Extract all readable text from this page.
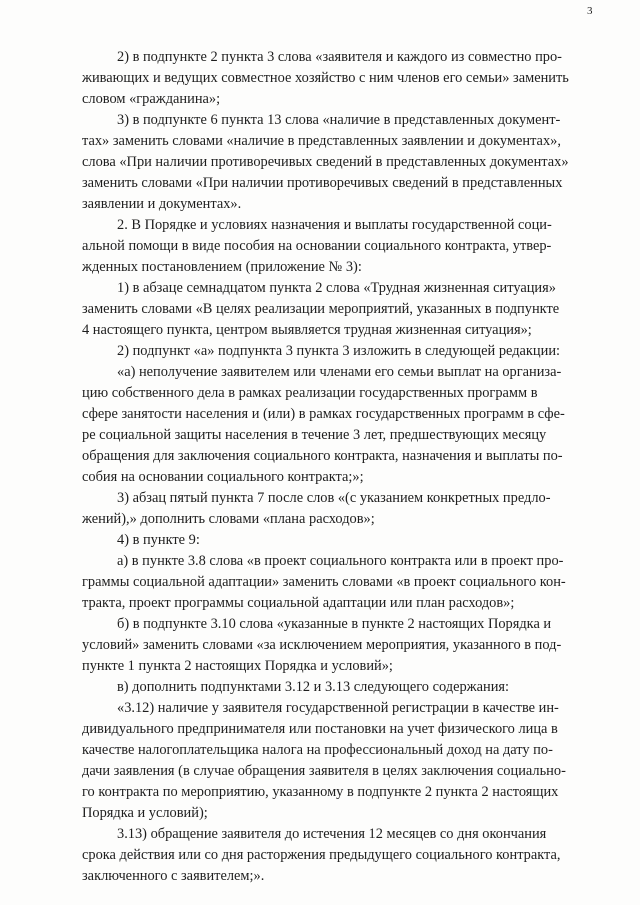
3
2) в подпункте 2 пункта 3 слова «заявителя и каждого из совместно про-
живающих и ведущих совместное хозяйство с ним членов его семьи» заменить
словом «гражданина»;
3) в подпункте 6 пункта 13 слова «наличие в представленных документ-
тах» заменить словами «наличие в представленных заявлении и документах»,
слова «При наличии противоречивых сведений в представленных документах»
заменить словами «При наличии противоречивых сведений в представленных
заявлении и документах».
2. В Порядке и условиях назначения и выплаты государственной соци-
альной помощи в виде пособия на основании социального контракта, утвер-
жденных постановлением (приложение № 3):
1) в абзаце семнадцатом пункта 2 слова «Трудная жизненная ситуация»
заменить словами «В целях реализации мероприятий, указанных в подпункте
4 настоящего пункта, центром выявляется трудная жизненная ситуация»;
2) подпункт «а» подпункта 3 пункта 3 изложить в следующей редакции:
«а) неполучение заявителем или членами его семьи выплат на организа-
цию собственного дела в рамках реализации государственных программ в
сфере занятости населения и (или) в рамках государственных программ в сфе-
ре социальной защиты населения в течение 3 лет, предшествующих месяцу
обращения для заключения социального контракта, назначения и выплаты по-
собия на основании социального контракта;»;
3) абзац пятый пункта 7 после слов «(с указанием конкретных предло-
жений),» дополнить словами «плана расходов»;
4) в пункте 9:
а) в пункте 3.8 слова «в проект социального контракта или в проект про-
граммы социальной адаптации» заменить словами «в проект социального кон-
тракта, проект программы социальной адаптации или план расходов»;
б) в подпункте 3.10 слова «указанные в пункте 2 настоящих Порядка и
условий» заменить словами «за исключением мероприятия, указанного в под-
пункте 1 пункта 2 настоящих Порядка и условий»;
в) дополнить подпунктами 3.12 и 3.13 следующего содержания:
«3.12) наличие у заявителя государственной регистрации в качестве ин-
дивидуального предпринимателя или постановки на учет физического лица в
качестве налогоплательщика налога на профессиональный доход на дату по-
дачи заявления (в случае обращения заявителя в целях заключения социально-
го контракта по мероприятию, указанному в подпункте 2 пункта 2 настоящих
Порядка и условий);
3.13) обращение заявителя до истечения 12 месяцев со дня окончания
срока действия или со дня расторжения предыдущего социального контракта,
заключенного с заявителем;».
